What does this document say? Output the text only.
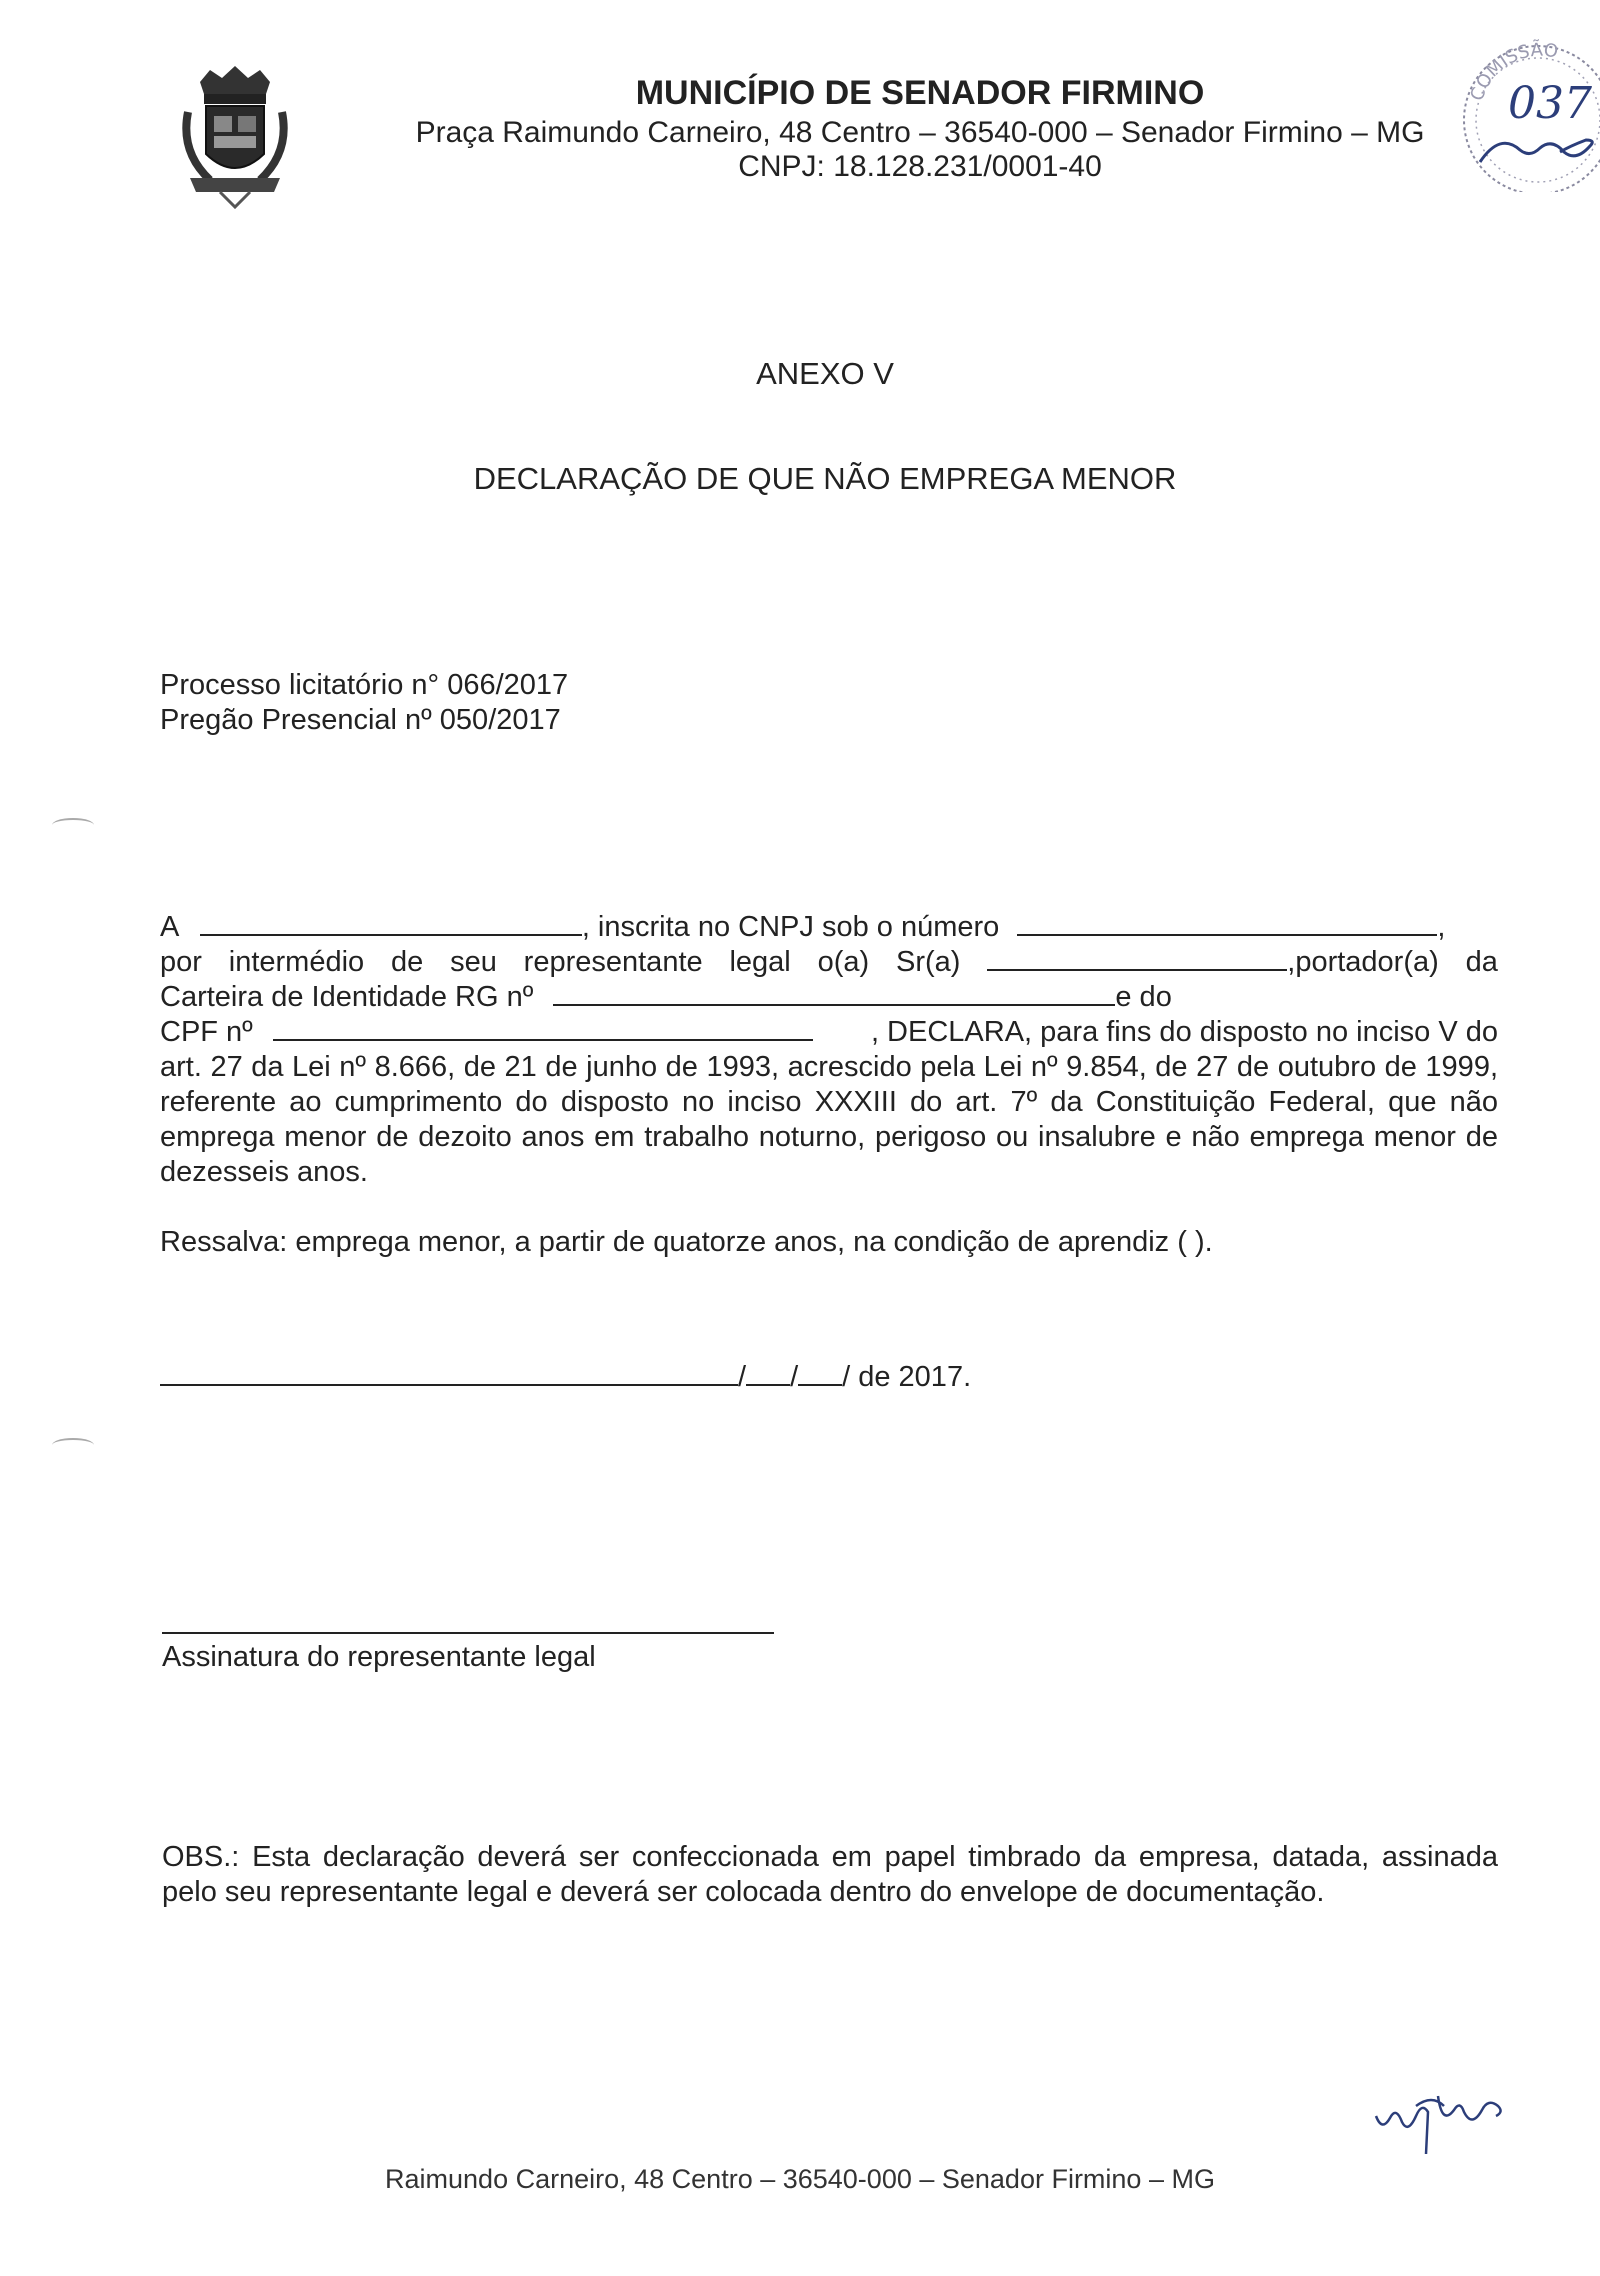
MUNICÍPIO DE SENADOR FIRMINO
Praça Raimundo Carneiro, 48 Centro – 36540-000 – Senador Firmino – MG
CNPJ: 18.128.231/0001-40
COMISSÃO
037
ANEXO V
DECLARAÇÃO DE QUE NÃO EMPREGA MENOR
Processo licitatório n° 066/2017
Pregão Presencial nº 050/2017
A	, inscrita no CNPJ sob o número	,
por intermédio de seu representante legal o(a) Sr(a)	,portador(a) da
Carteira de Identidade RG nº	e do
CPF nº	, DECLARA, para fins do disposto no inciso V do
art. 27 da Lei nº 8.666, de 21 de junho de 1993, acrescido pela Lei nº 9.854, de 27 de outubro de 1999, referente ao cumprimento do disposto no inciso XXXIII do art. 7º da Constituição Federal, que não emprega menor de dezoito anos em trabalho noturno, perigoso ou insalubre e não emprega menor de dezesseis anos.
Ressalva: emprega menor, a partir de quatorze anos, na condição de aprendiz ( ).
/ / / de 2017.
Assinatura do representante legal
OBS.: Esta declaração deverá ser confeccionada em papel timbrado da empresa, datada, assinada pelo seu representante legal e deverá ser colocada dentro do envelope de documentação.
Raimundo Carneiro, 48 Centro – 36540-000 – Senador Firmino – MG
